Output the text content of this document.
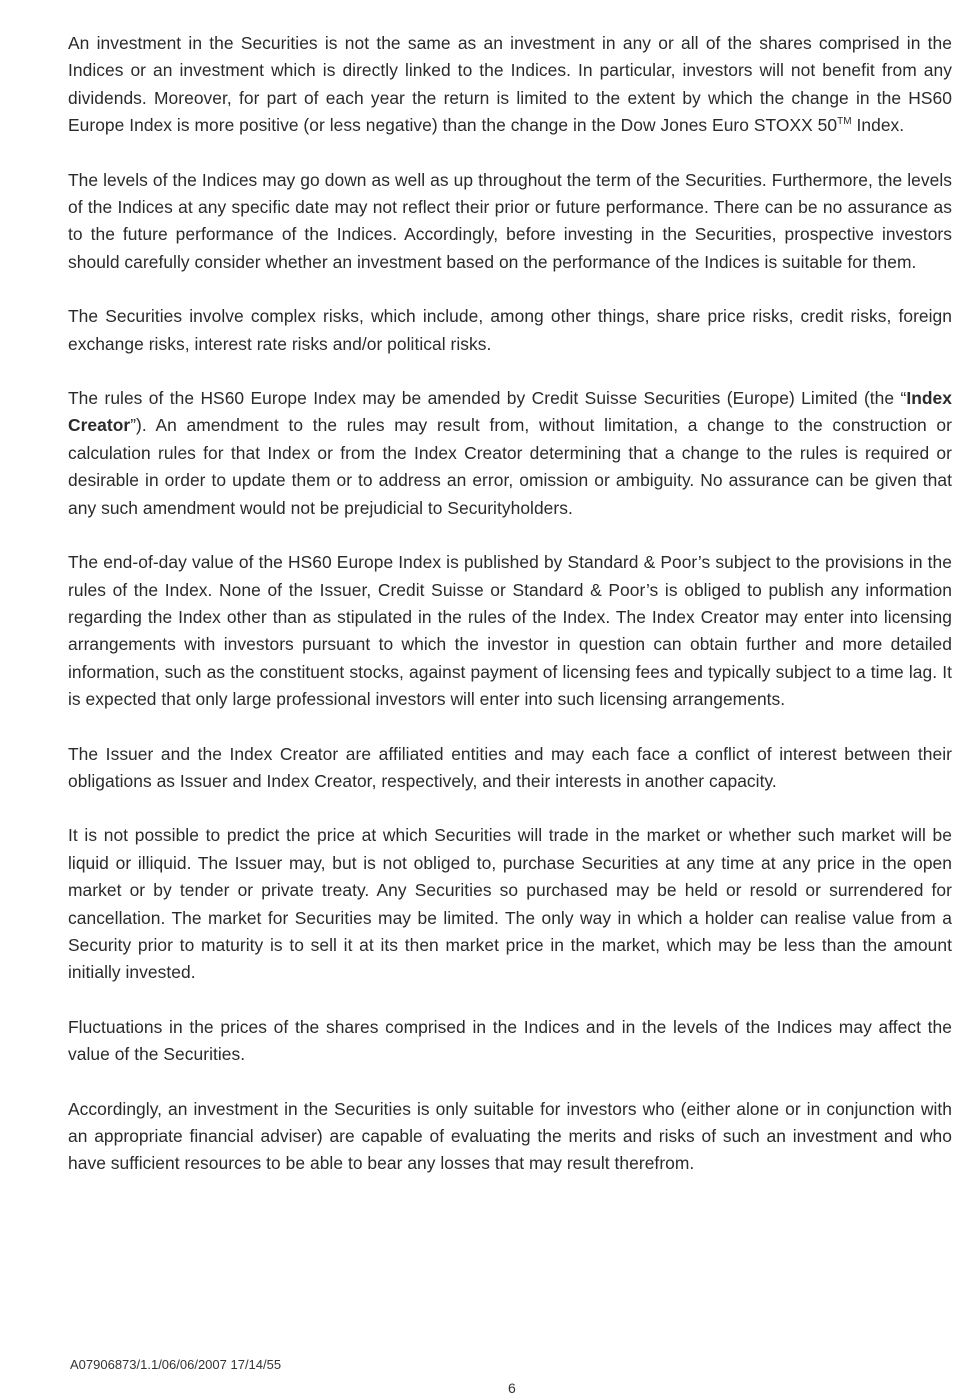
An investment in the Securities is not the same as an investment in any or all of the shares comprised in the Indices or an investment which is directly linked to the Indices. In particular, investors will not benefit from any dividends. Moreover, for part of each year the return is limited to the extent by which the change in the HS60 Europe Index is more positive (or less negative) than the change in the Dow Jones Euro STOXX 50™ Index.

The levels of the Indices may go down as well as up throughout the term of the Securities. Furthermore, the levels of the Indices at any specific date may not reflect their prior or future performance. There can be no assurance as to the future performance of the Indices. Accordingly, before investing in the Securities, prospective investors should carefully consider whether an investment based on the performance of the Indices is suitable for them.

The Securities involve complex risks, which include, among other things, share price risks, credit risks, foreign exchange risks, interest rate risks and/or political risks.

The rules of the HS60 Europe Index may be amended by Credit Suisse Securities (Europe) Limited (the “Index Creator”). An amendment to the rules may result from, without limitation, a change to the construction or calculation rules for that Index or from the Index Creator determining that a change to the rules is required or desirable in order to update them or to address an error, omission or ambiguity. No assurance can be given that any such amendment would not be prejudicial to Securityholders.

The end-of-day value of the HS60 Europe Index is published by Standard & Poor’s subject to the provisions in the rules of the Index. None of the Issuer, Credit Suisse or Standard & Poor’s is obliged to publish any information regarding the Index other than as stipulated in the rules of the Index. The Index Creator may enter into licensing arrangements with investors pursuant to which the investor in question can obtain further and more detailed information, such as the constituent stocks, against payment of licensing fees and typically subject to a time lag. It is expected that only large professional investors will enter into such licensing arrangements.

The Issuer and the Index Creator are affiliated entities and may each face a conflict of interest between their obligations as Issuer and Index Creator, respectively, and their interests in another capacity.

It is not possible to predict the price at which Securities will trade in the market or whether such market will be liquid or illiquid. The Issuer may, but is not obliged to, purchase Securities at any time at any price in the open market or by tender or private treaty. Any Securities so purchased may be held or resold or surrendered for cancellation. The market for Securities may be limited. The only way in which a holder can realise value from a Security prior to maturity is to sell it at its then market price in the market, which may be less than the amount initially invested.

Fluctuations in the prices of the shares comprised in the Indices and in the levels of the Indices may affect the value of the Securities.

Accordingly, an investment in the Securities is only suitable for investors who (either alone or in conjunction with an appropriate financial adviser) are capable of evaluating the merits and risks of such an investment and who have sufficient resources to be able to bear any losses that may result therefrom.

A07906873/1.1/06/06/2007 17/14/55
6
